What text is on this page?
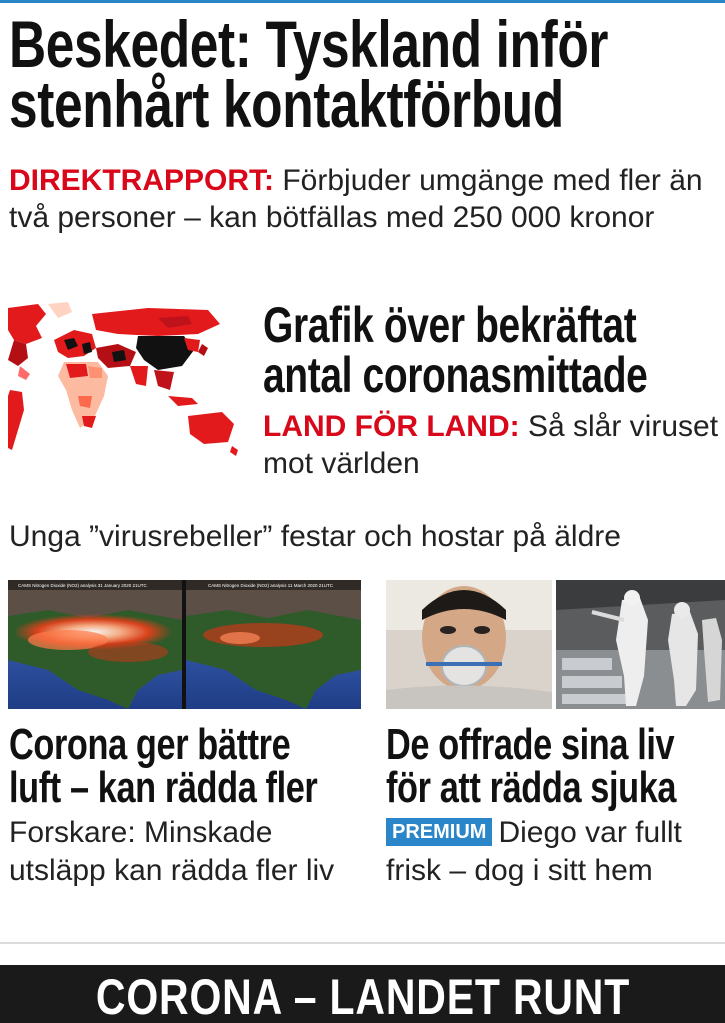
Beskedet: Tyskland inför
stenhårt kontaktförbud
DIREKTRAPPORT: Förbjuder umgänge med fler än två personer – kan bötfällas med 250 000 kronor
Grafik över bekräftat
antal coronasmittade
LAND FÖR LAND: Så slår viruset mot världen
Unga ”virusrebeller” festar och hostar på äldre
CAMS Nitrogen Dioxide (NO2) analysis 31 January 2020 21UTC	CAMS Nitrogen Dioxide (NO2) analysis 11 March 2020 21UTC
Corona ger bättre
luft – kan rädda fler
Forskare: Minskade utsläpp kan rädda fler liv
De offrade sina liv
för att rädda sjuka
PREMIUM Diego var fullt frisk – dog i sitt hem
CORONA – LANDET RUNT
